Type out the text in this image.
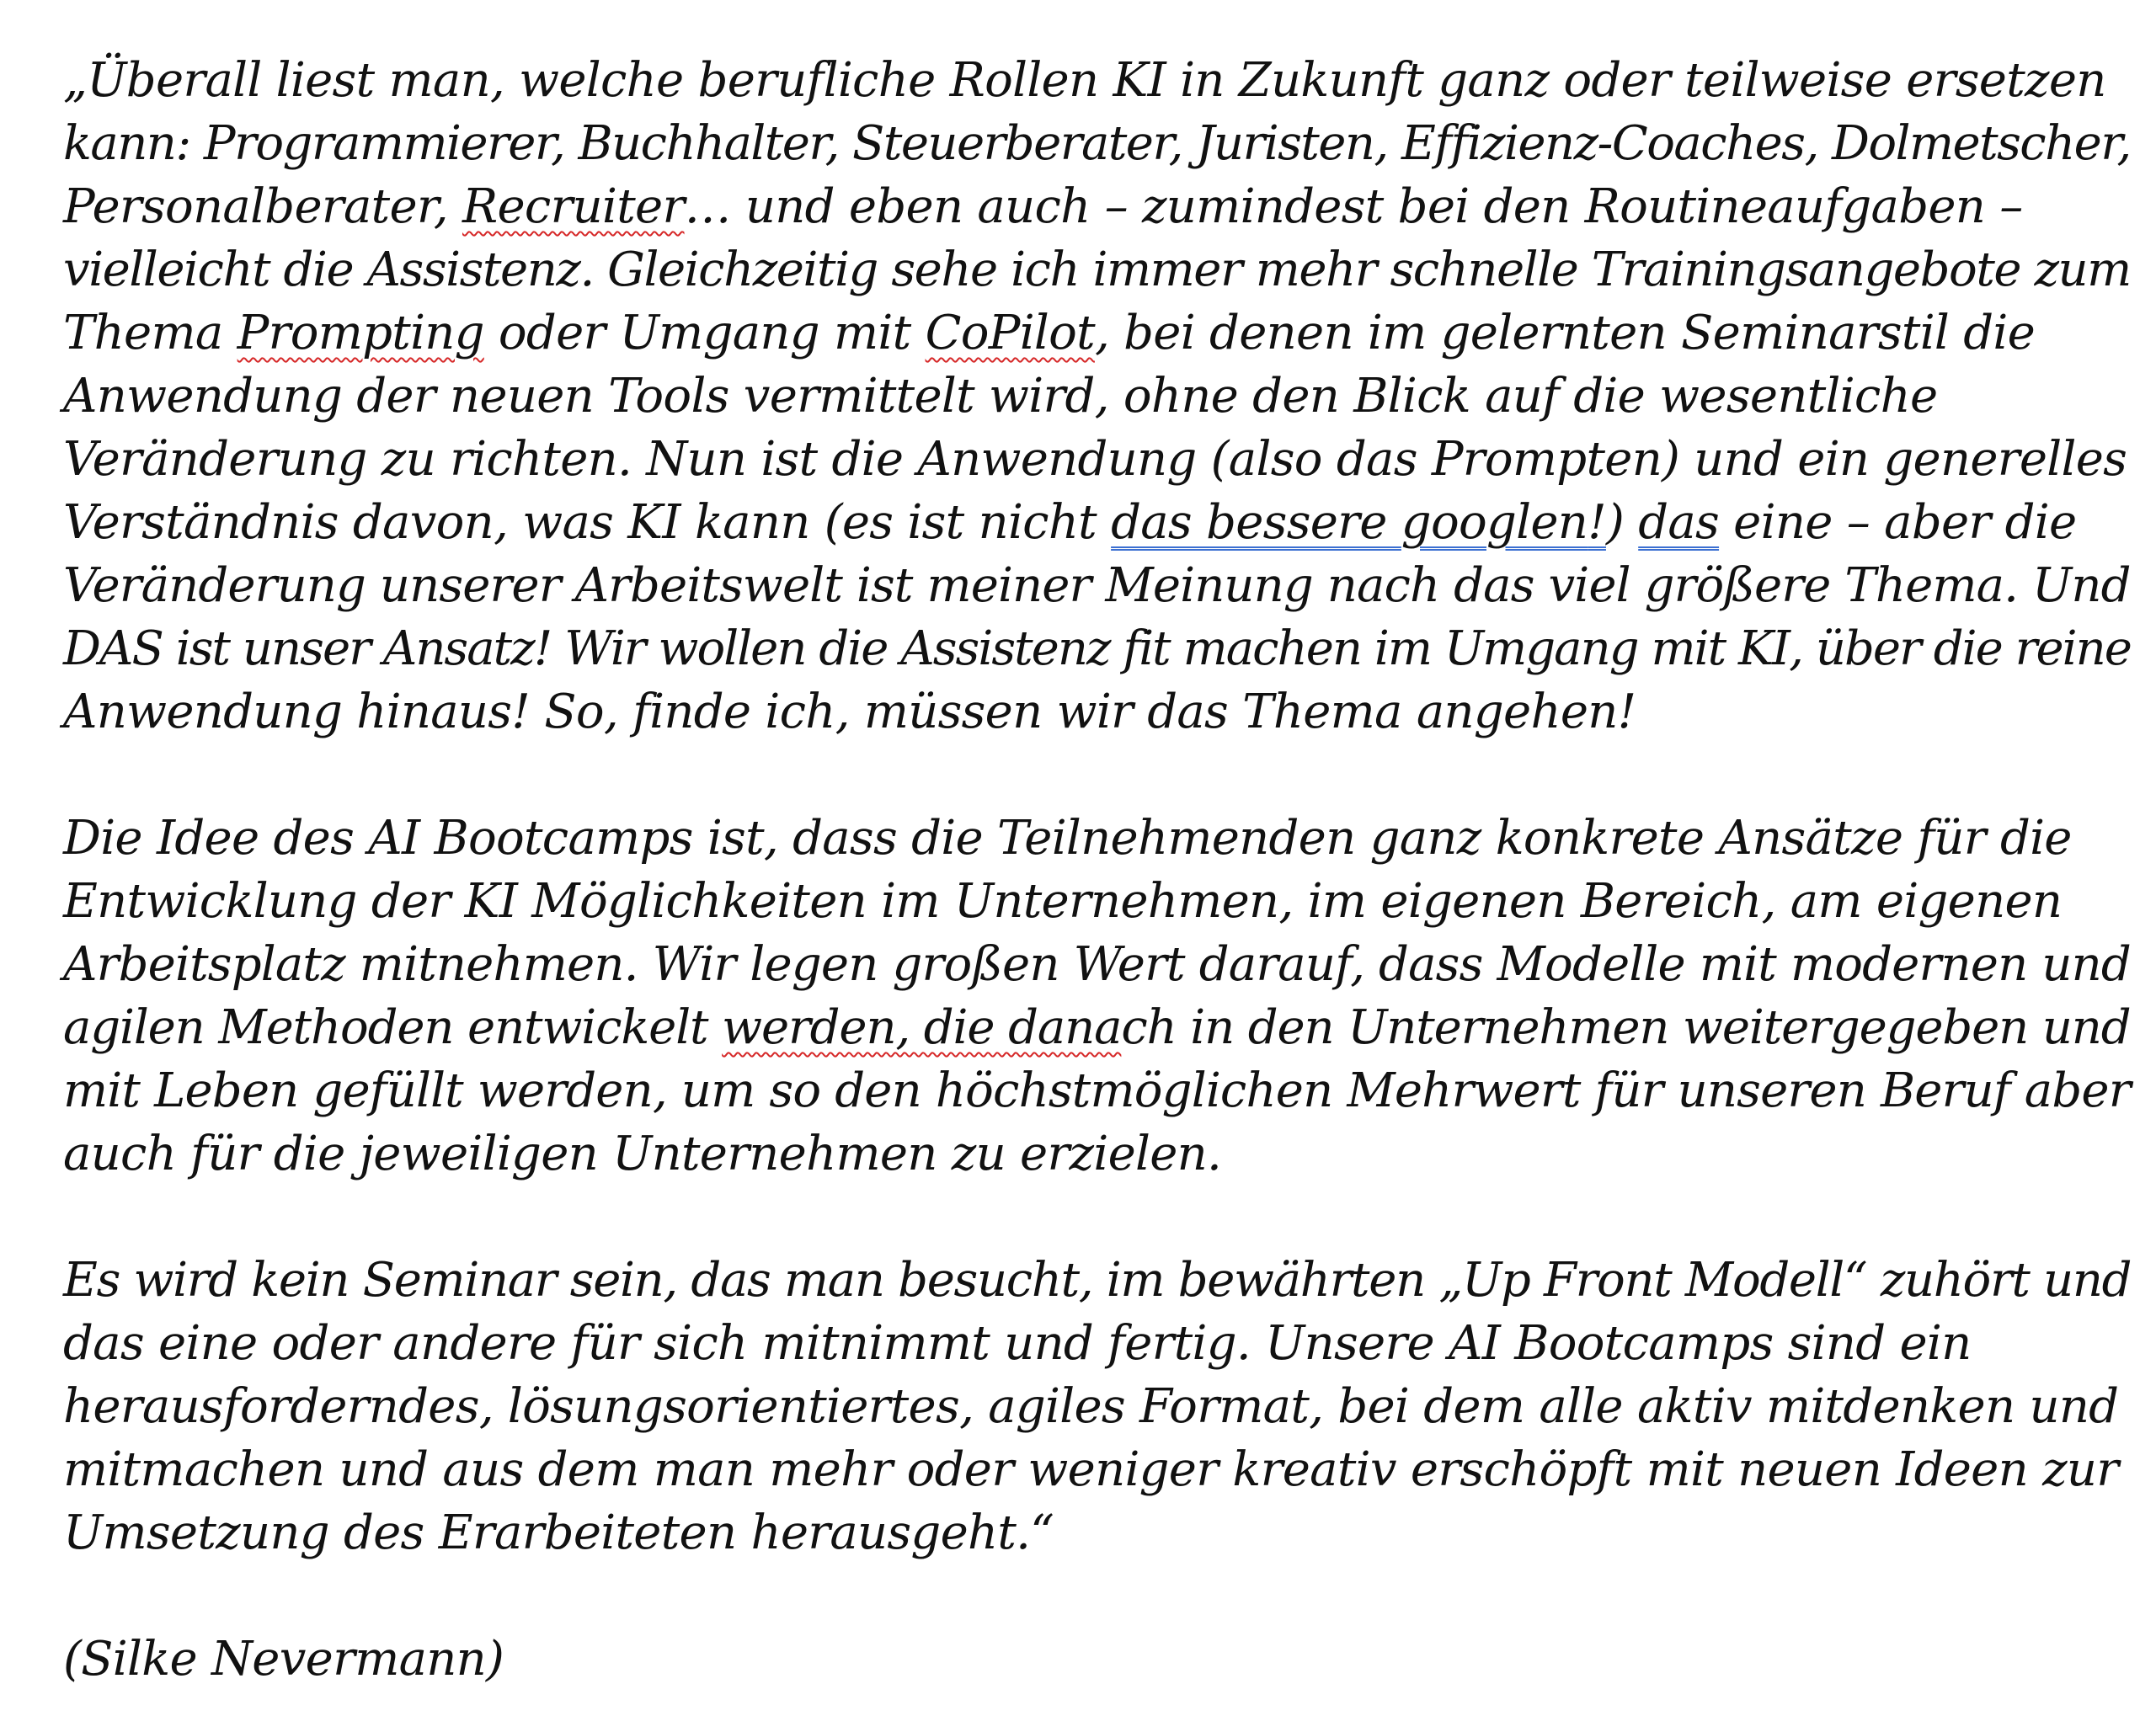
„Überall liest man, welche berufliche Rollen KI in Zukunft ganz oder teilweise ersetzen
kann: Programmierer, Buchhalter, Steuerberater, Juristen, Effizienz-Coaches, Dolmetscher,
Personalberater, Recruiter… und eben auch – zumindest bei den Routineaufgaben –
vielleicht die Assistenz. Gleichzeitig sehe ich immer mehr schnelle Trainingsangebote zum
Thema Prompting oder Umgang mit CoPilot, bei denen im gelernten Seminarstil die
Anwendung der neuen Tools vermittelt wird, ohne den Blick auf die wesentliche
Veränderung zu richten. Nun ist die Anwendung (also das Prompten) und ein generelles
Verständnis davon, was KI kann (es ist nicht das bessere googlen!) das eine – aber die
Veränderung unserer Arbeitswelt ist meiner Meinung nach das viel größere Thema. Und
DAS ist unser Ansatz! Wir wollen die Assistenz fit machen im Umgang mit KI, über die reine
Anwendung hinaus! So, finde ich, müssen wir das Thema angehen!
Die Idee des AI Bootcamps ist, dass die Teilnehmenden ganz konkrete Ansätze für die
Entwicklung der KI Möglichkeiten im Unternehmen, im eigenen Bereich, am eigenen
Arbeitsplatz mitnehmen. Wir legen großen Wert darauf, dass Modelle mit modernen und
agilen Methoden entwickelt werden, die danach in den Unternehmen weitergegeben und
mit Leben gefüllt werden, um so den höchstmöglichen Mehrwert für unseren Beruf aber
auch für die jeweiligen Unternehmen zu erzielen.
Es wird kein Seminar sein, das man besucht, im bewährten „Up Front Modell“ zuhört und
das eine oder andere für sich mitnimmt und fertig. Unsere AI Bootcamps sind ein
herausforderndes, lösungsorientiertes, agiles Format, bei dem alle aktiv mitdenken und
mitmachen und aus dem man mehr oder weniger kreativ erschöpft mit neuen Ideen zur
Umsetzung des Erarbeiteten herausgeht.“
(Silke Nevermann)
